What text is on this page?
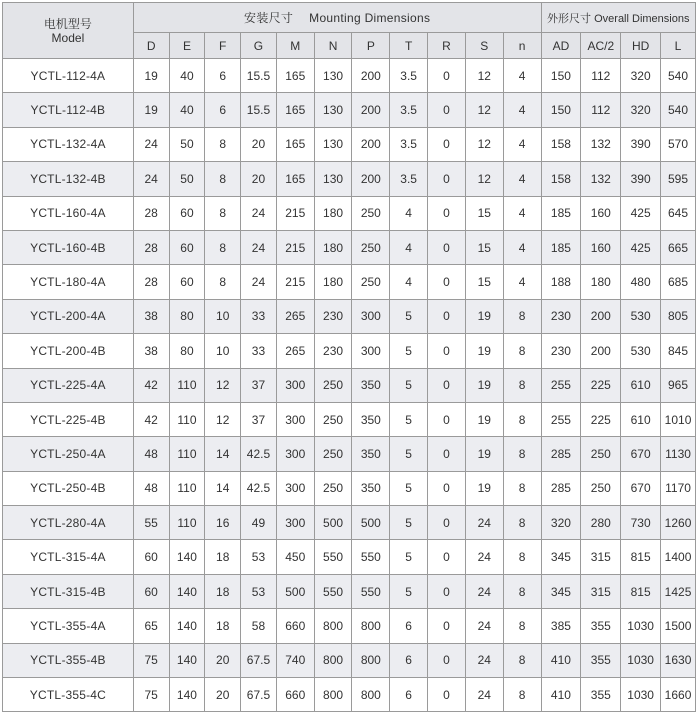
电机型号
Model	安装尺寸　 Mounting Dimensions											外形尺寸 Overall Dimensions			
	D	E	F	G	M	N	P	T	R	S	n	AD	AC/2	HD	L
YCTL-112-4A	19	40	6	15.5	165	130	200	3.5	0	12	4	150	112	320	540
YCTL-112-4B	19	40	6	15.5	165	130	200	3.5	0	12	4	150	112	320	540
YCTL-132-4A	24	50	8	20	165	130	200	3.5	0	12	4	158	132	390	570
YCTL-132-4B	24	50	8	20	165	130	200	3.5	0	12	4	158	132	390	595
YCTL-160-4A	28	60	8	24	215	180	250	4	0	15	4	185	160	425	645
YCTL-160-4B	28	60	8	24	215	180	250	4	0	15	4	185	160	425	665
YCTL-180-4A	28	60	8	24	215	180	250	4	0	15	4	188	180	480	685
YCTL-200-4A	38	80	10	33	265	230	300	5	0	19	8	230	200	530	805
YCTL-200-4B	38	80	10	33	265	230	300	5	0	19	8	230	200	530	845
YCTL-225-4A	42	110	12	37	300	250	350	5	0	19	8	255	225	610	965
YCTL-225-4B	42	110	12	37	300	250	350	5	0	19	8	255	225	610	1010
YCTL-250-4A	48	110	14	42.5	300	250	350	5	0	19	8	285	250	670	1130
YCTL-250-4B	48	110	14	42.5	300	250	350	5	0	19	8	285	250	670	1170
YCTL-280-4A	55	110	16	49	300	500	500	5	0	24	8	320	280	730	1260
YCTL-315-4A	60	140	18	53	450	550	550	5	0	24	8	345	315	815	1400
YCTL-315-4B	60	140	18	53	500	550	550	5	0	24	8	345	315	815	1425
YCTL-355-4A	65	140	18	58	660	800	800	6	0	24	8	385	355	1030	1500
YCTL-355-4B	75	140	20	67.5	740	800	800	6	0	24	8	410	355	1030	1630
YCTL-355-4C	75	140	20	67.5	660	800	800	6	0	24	8	410	355	1030	1660
